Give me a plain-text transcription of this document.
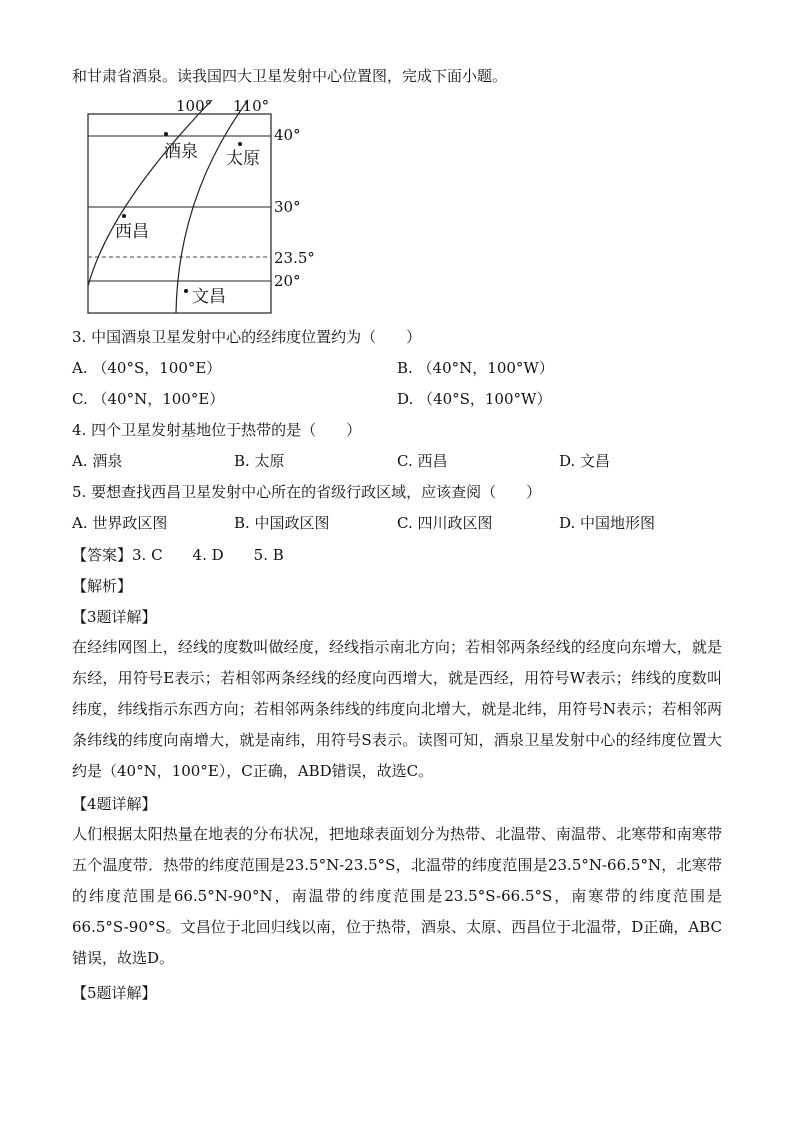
和甘肃省酒泉。读我国四大卫星发射中心位置图，完成下面小题。
100° 110°
40°
30°
23.5°
20°
酒泉 太原
西昌
文昌
3. 中国酒泉卫星发射中心的经纬度位置约为（　　）
A. （40°S，100°E）	B. （40°N，100°W）
C. （40°N，100°E）	D. （40°S，100°W）
4. 四个卫星发射基地位于热带的是（　　）
A. 酒泉	B. 太原	C. 西昌	D. 文昌
5. 要想查找西昌卫星发射中心所在的省级行政区域，应该查阅（　　）
A. 世界政区图	B. 中国政区图	C. 四川政区图	D. 中国地形图
【答案】3. C　　4. D　　5. B
【解析】
【3题详解】
在经纬网图上，经线的度数叫做经度，经线指示南北方向；若相邻两条经线的经度向东增大，就是东经，用符号E表示；若相邻两条经线的经度向西增大，就是西经，用符号W表示；纬线的度数叫纬度，纬线指示东西方向；若相邻两条纬线的纬度向北增大，就是北纬，用符号N表示；若相邻两条纬线的纬度向南增大，就是南纬，用符号S表示。读图可知，酒泉卫星发射中心的经纬度位置大约是（40°N，100°E），C正确，ABD错误，故选C。
【4题详解】
人们根据太阳热量在地表的分布状况，把地球表面划分为热带、北温带、南温带、北寒带和南寒带五个温度带．热带的纬度范围是23.5°N-23.5°S，北温带的纬度范围是23.5°N-66.5°N，北寒带的纬度范围是66.5°N-90°N，南温带的纬度范围是23.5°S-66.5°S，南寒带的纬度范围是66.5°S-90°S。文昌位于北回归线以南，位于热带，酒泉、太原、西昌位于北温带，D正确，ABC错误，故选D。
【5题详解】
